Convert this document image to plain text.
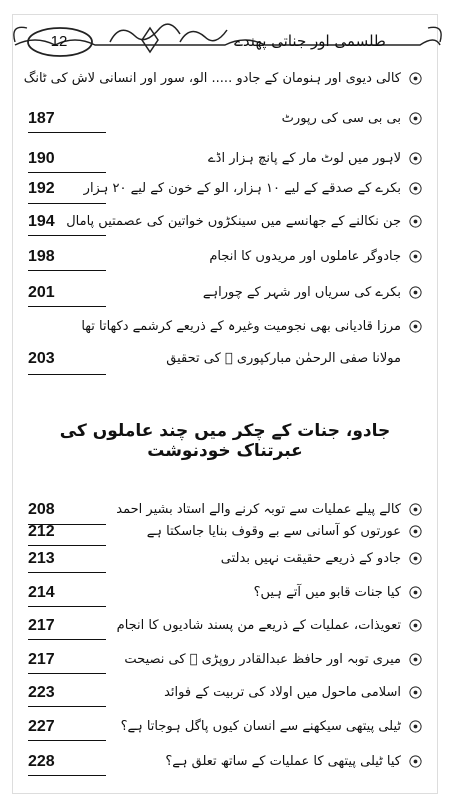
12	طلسمی اور جناتی پھندے
کالی دیوی اور ہنومان کے جادو ..... الو، سور اور انسانی لاش کی ٹانگ
187	بی بی سی کی رپورٹ
190	لاہور میں لوٹ مار کے پانچ ہزار اڈے
192	بکرے کے صدقے کے لیے ۱۰ ہزار، الو کے خون کے لیے ۲۰ ہزار
194 جن نکالنے کے جھانسے میں سینکڑوں خواتین کی عصمتیں پامال
198	جادوگر عاملوں اور مریدوں کا انجام
201	بکرے کی سریاں اور شہر کے چوراہے
مرزا قادیانی بھی نجومیت وغیرہ کے ذریعے کرشمے دکھاتا تھا
203	مولانا صفی الرحمٰن مبارکپوری ﷫ کی تحقیق
جادو، جنات کے چکر میں چند عاملوں کی عبرتناک خودنوشت
208	کالے پیلے عملیات سے توبہ کرنے والے استاد بشیر احمد
212	عورتوں کو آسانی سے بے وقوف بنایا جاسکتا ہے
213	جادو کے ذریعے حقیقت نہیں بدلتی
214	کیا جنات قابو میں آتے ہیں؟
217	تعویذات، عملیات کے ذریعے من پسند شادیوں کا انجام
217	میری توبہ اور حافظ عبدالقادر روپڑی ﷫ کی نصیحت
223	اسلامی ماحول میں اولاد کی تربیت کے فوائد
227	ٹیلی پیتھی سیکھنے سے انسان کیوں پاگل ہوجاتا ہے؟
228	کیا ٹیلی پیتھی کا عملیات کے ساتھ تعلق ہے؟
